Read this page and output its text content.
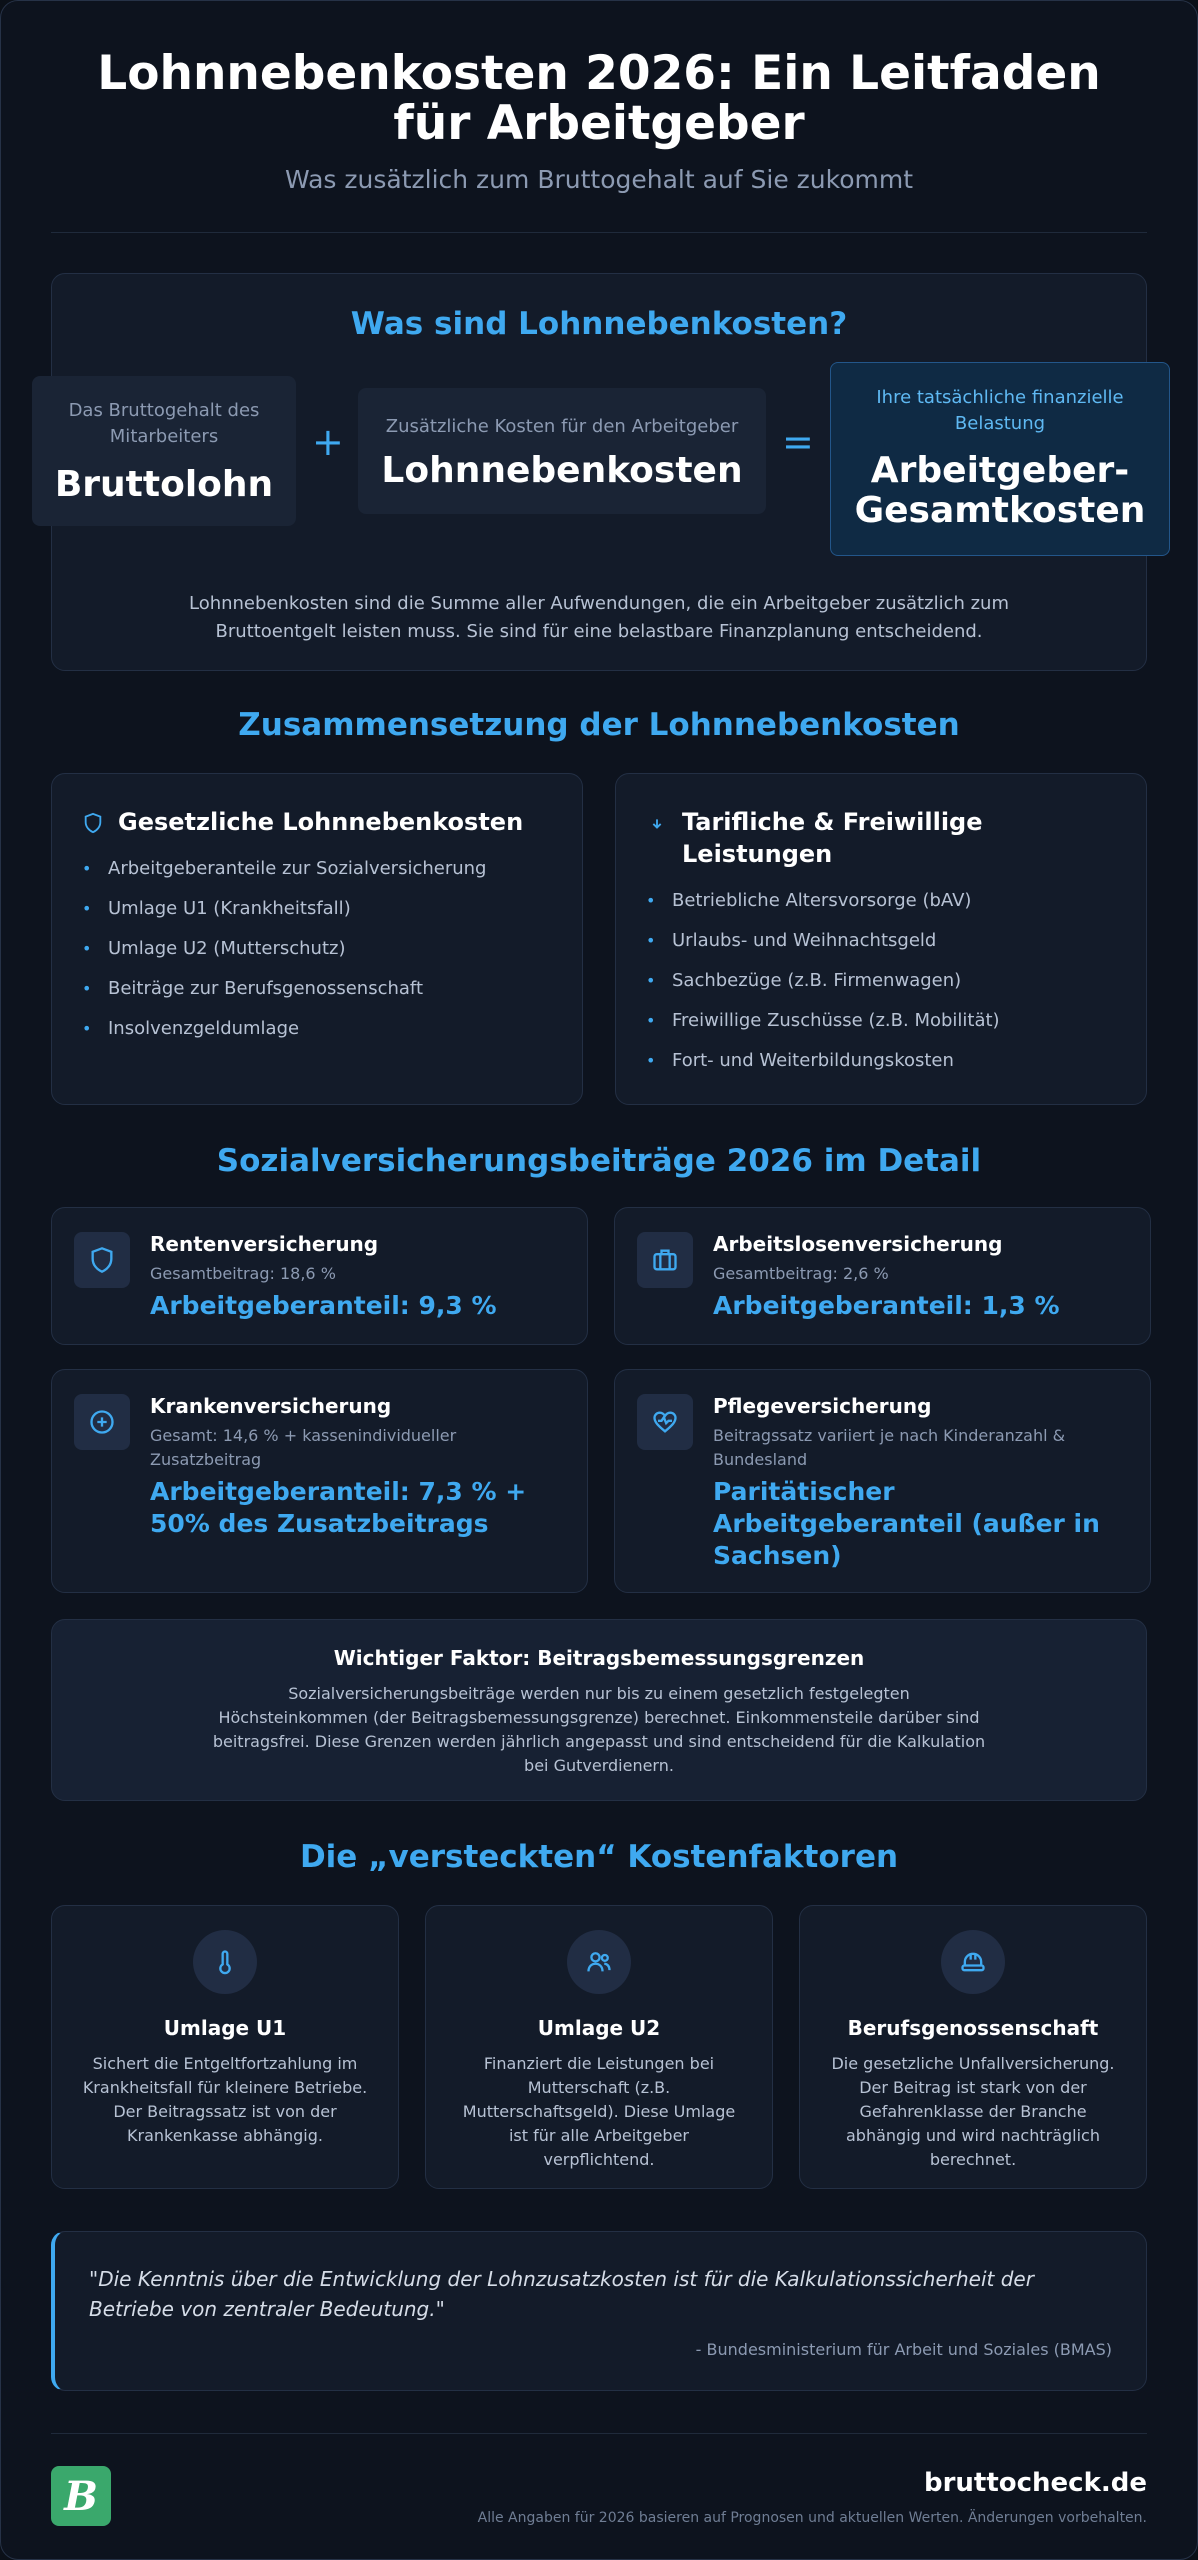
Lohnnebenkosten 2026: Ein Leitfaden für Arbeitgeber
Was zusätzlich zum Bruttogehalt auf Sie zukommt
Was sind Lohnnebenkosten?
Das Bruttogehalt des Mitarbeiters
Bruttolohn
+	Zusätzliche Kosten für den Arbeitgeber
Lohnnebenkosten
=
Ihre tatsächliche finanzielle Belastung
Arbeitgeber-Gesamtkosten
Lohnnebenkosten sind die Summe aller Aufwendungen, die ein Arbeitgeber zusätzlich zum Bruttoentgelt leisten muss. Sie sind für eine belastbare Finanzplanung entscheidend.
Zusammensetzung der Lohnnebenkosten
Gesetzliche Lohnnebenkosten
• Arbeitgeberanteile zur Sozialversicherung
• Umlage U1 (Krankheitsfall)
• Umlage U2 (Mutterschutz)
• Beiträge zur Berufsgenossenschaft
• Insolvenzgeldumlage
Tarifliche & Freiwillige Leistungen
• Betriebliche Altersvorsorge (bAV)
• Urlaubs- und Weihnachtsgeld
• Sachbezüge (z.B. Firmenwagen)
• Freiwillige Zuschüsse (z.B. Mobilität)
• Fort- und Weiterbildungskosten
Sozialversicherungsbeiträge 2026 im Detail
Rentenversicherung
Gesamtbeitrag: 18,6 %
Arbeitgeberanteil: 9,3 %
Arbeitslosenversicherung
Gesamtbeitrag: 2,6 %
Arbeitgeberanteil: 1,3 %
Krankenversicherung
Gesamt: 14,6 % + kassenindividueller Zusatzbeitrag
Arbeitgeberanteil: 7,3 % + 50% des Zusatzbeitrags
Pflegeversicherung
Beitragssatz variiert je nach Kinderanzahl & Bundesland
Paritätischer Arbeitgeberanteil (außer in Sachsen)
Wichtiger Faktor: Beitragsbemessungsgrenzen
Sozialversicherungsbeiträge werden nur bis zu einem gesetzlich festgelegten Höchsteinkommen (der Beitragsbemessungsgrenze) berechnet. Einkommensteile darüber sind beitragsfrei. Diese Grenzen werden jährlich angepasst und sind entscheidend für die Kalkulation bei Gutverdienern.
Die „versteckten“ Kostenfaktoren
Umlage U1
Sichert die Entgeltfortzahlung im Krankheitsfall für kleinere Betriebe. Der Beitragssatz ist von der Krankenkasse abhängig.
Umlage U2
Finanziert die Leistungen bei Mutterschaft (z.B. Mutterschaftsgeld). Diese Umlage ist für alle Arbeitgeber verpflichtend.
Berufsgenossenschaft
Die gesetzliche Unfallversicherung. Der Beitrag ist stark von der Gefahrenklasse der Branche abhängig und wird nachträglich berechnet.
"Die Kenntnis über die Entwicklung der Lohnzusatzkosten ist für die Kalkulationssicherheit der Betriebe von zentraler Bedeutung."
- Bundesministerium für Arbeit und Soziales (BMAS)
B	bruttocheck.de
Alle Angaben für 2026 basieren auf Prognosen und aktuellen Werten. Änderungen vorbehalten.
